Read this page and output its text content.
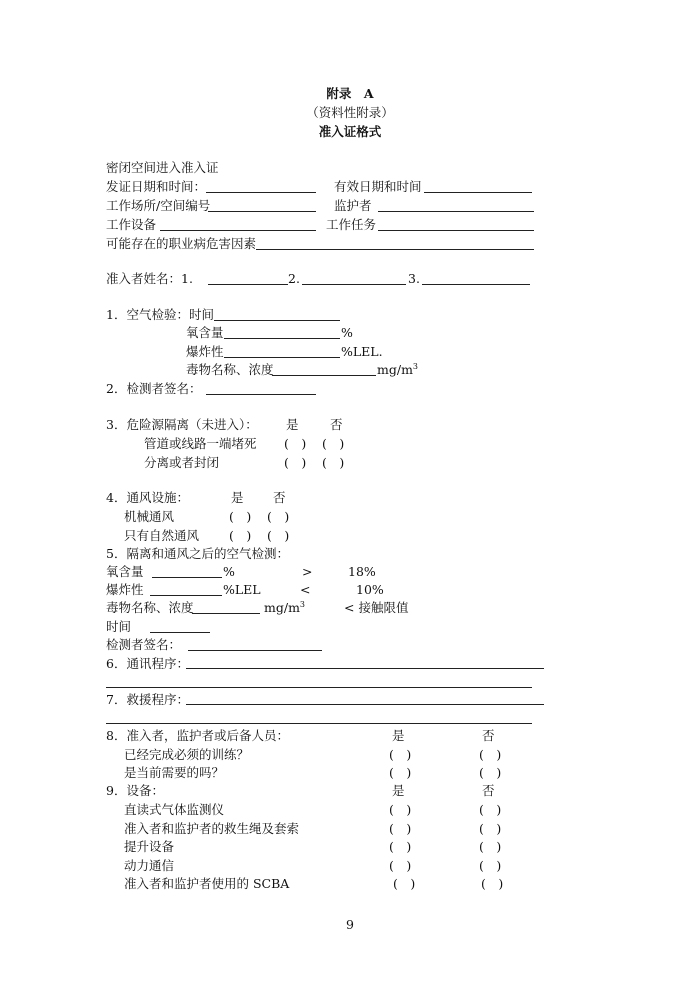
附录　A
（资料性附录）
准入证格式
密闭空间进入准入证
发证日期和时间：	有效日期和时间
工作场所/空间编号	监护者
工作设备	工作任务
可能存在的职业病危害因素
准入者姓名：1.	2.	3.
1．空气检验：时间
氧含量	%
爆炸性	%LEL.
毒物名称、浓度	$mg/m^3$
2．检测者签名：
3．危险源隔离（未进入）： 是	否
管道或线路一端堵死 (　) (　)
分离或者封闭	(　) (　)
4．通风设施：	是 否
机械通风	(　) (　)
只有自然通风 (　) (　)
5．隔离和通风之后的空气检测：
氧含量	%	>	18%
爆炸性	%LEL	<	10%
毒物名称、浓度	$mg/m^3$	< 接触限值
时间
检测者签名：
6．通讯程序：
7．救援程序：
8．准入者，监护者或后备人员：	是	否
已经完成必须的训练？	(　)	(　)
是当前需要的吗？	(　)	(　)
9．设备：	是	否
直读式气体监测仪	(　)	(　)
准入者和监护者的救生绳及套索	(　)	(　)
提升设备	(　)	(　)
动力通信	(　)	(　)
准入者和监护者使用的 SCBA	(　)	(　)
9
